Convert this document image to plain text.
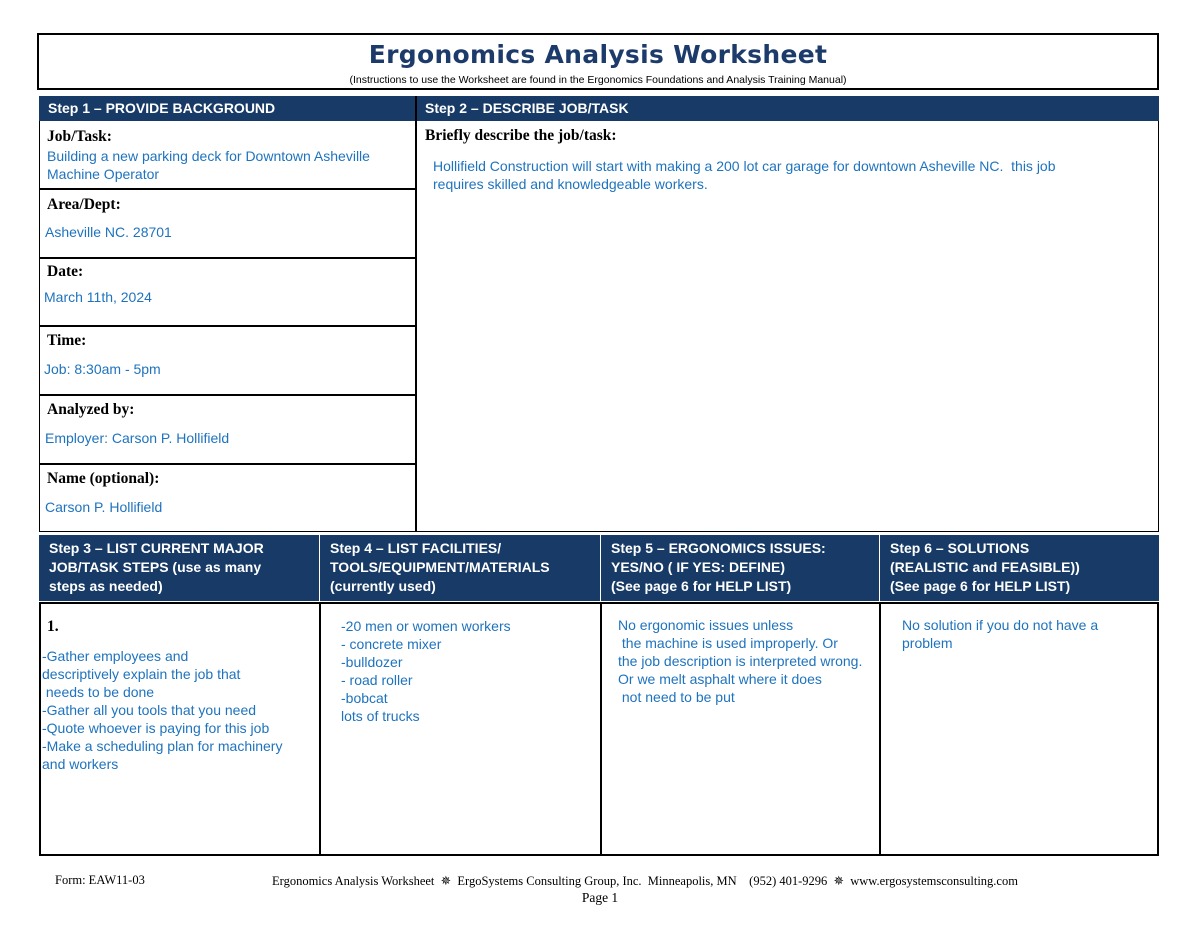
Ergonomics Analysis Worksheet
(Instructions to use the Worksheet are found in the Ergonomics Foundations and Analysis Training Manual)
Step 1 – PROVIDE BACKGROUND	Step 2 – DESCRIBE JOB/TASK
Job/Task:
Building a new parking deck for Downtown Asheville
Machine Operator
Area/Dept:
Asheville NC. 28701
Date:
March 11th, 2024
Time:
Job: 8:30am - 5pm
Analyzed by:
Employer: Carson P. Hollifield
Name (optional):
Carson P. Hollifield
Briefly describe the job/task:
Hollifield Construction will start with making a 200 lot car garage for downtown Asheville NC.  this job
requires skilled and knowledgeable workers.
Step 3 – LIST CURRENT MAJOR
JOB/TASK STEPS (use as many
steps as needed)
Step 4 – LIST FACILITIES/
TOOLS/EQUIPMENT/MATERIALS
(currently used)
Step 5 – ERGONOMICS ISSUES:
YES/NO ( IF YES: DEFINE)
(See page 6 for HELP LIST)
Step 6 – SOLUTIONS
(REALISTIC and FEASIBLE))
(See page 6 for HELP LIST)
1.
-Gather employees and
descriptively explain the job that
needs to be done
-Gather all you tools that you need
-Quote whoever is paying for this job
-Make a scheduling plan for machinery
and workers
-20 men or women workers
- concrete mixer
-bulldozer
- road roller
-bobcat
lots of trucks
No ergonomic issues unless
the machine is used improperly. Or
the job description is interpreted wrong.
Or we melt asphalt where it does
not need to be put
No solution if you do not have a
problem
Form: EAW11-03	Ergonomics Analysis Worksheet  ✵  ErgoSystems Consulting Group, Inc.  Minneapolis, MN    (952) 401-9296  ✵  www.ergosystemsconsulting.com
Page 1
